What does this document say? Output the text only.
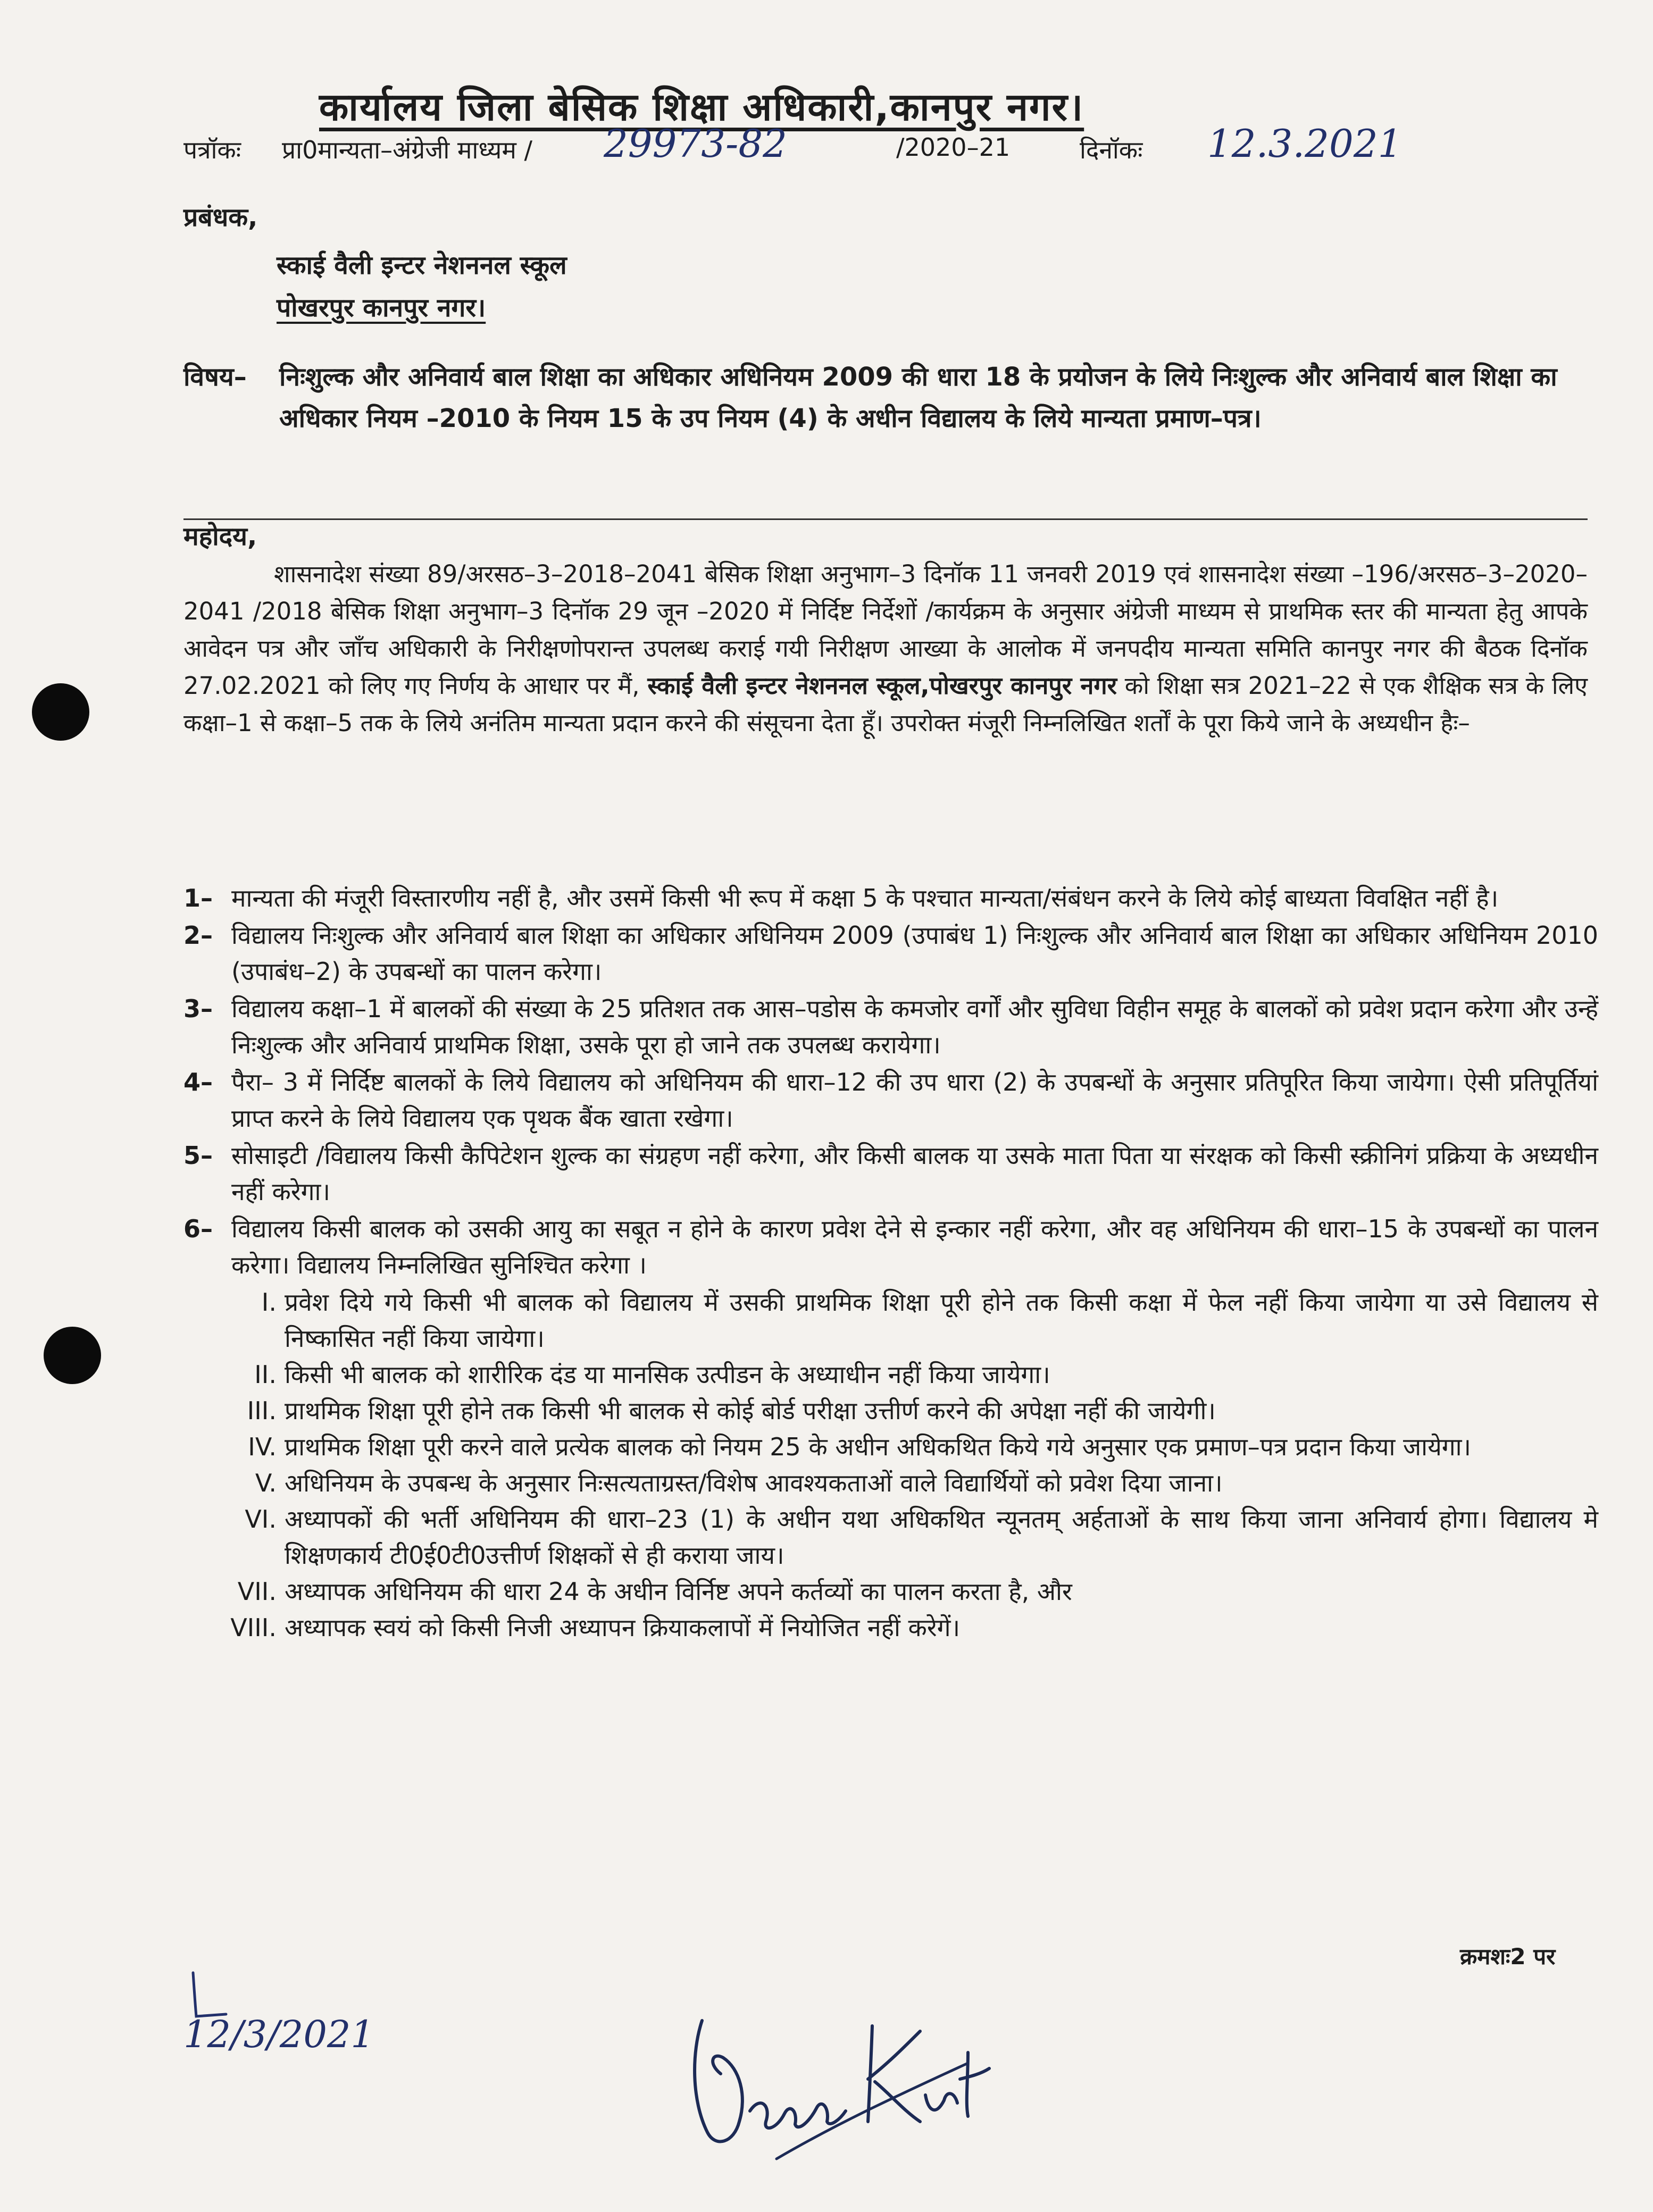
कार्यालय जिला बेसिक शिक्षा अधिकारी,कानपुर नगर।
पत्रॉकः प्रा0मान्यता–अंग्रेजी माध्यम / 29973-82	/2020–21	दिनॉकः 12.3.2021
प्रबंधक,
स्काई वैली इन्टर नेशननल स्कूल
पोखरपुर कानपुर नगर।
विषय– निःशुल्क और अनिवार्य बाल शिक्षा का अधिकार अधिनियम 2009 की धारा 18 के प्रयोजन के लिये निःशुल्क और अनिवार्य बाल शिक्षा का अधिकार नियम –2010 के नियम 15 के उप नियम (4) के अधीन विद्यालय के लिये मान्यता प्रमाण–पत्र।
महोदय,
शासनादेश संख्या 89/अरसठ–3–2018–2041 बेसिक शिक्षा अनुभाग–3 दिनॉक 11 जनवरी 2019 एवं शासनादेश संख्या –196/अरसठ–3–2020–2041 /2018 बेसिक शिक्षा अनुभाग–3 दिनॉक 29 जून –2020 में निर्दिष्ट निर्देशों /कार्यक्रम के अनुसार अंग्रेजी माध्यम से प्राथमिक स्तर की मान्यता हेतु आपके आवेदन पत्र और जाँच अधिकारी के निरीक्षणोपरान्त उपलब्ध कराई गयी निरीक्षण आख्या के आलोक में जनपदीय मान्यता समिति कानपुर नगर की बैठक दिनॉक 27.02.2021 को लिए गए निर्णय के आधार पर मैं, स्काई वैली इन्टर नेशननल स्कूल,पोखरपुर कानपुर नगर को शिक्षा सत्र 2021–22 से एक शैक्षिक सत्र के लिए कक्षा–1 से कक्षा–5 तक के लिये अनंतिम मान्यता प्रदान करने की संसूचना देता हूँ। उपरोक्त मंजूरी निम्नलिखित शर्तों के पूरा किये जाने के अध्यधीन हैः–
1– मान्यता की मंजूरी विस्तारणीय नहीं है, और उसमें किसी भी रूप में कक्षा 5 के पश्चात मान्यता/संबंधन करने के लिये कोई बाध्यता विवक्षित नहीं है।
2– विद्यालय निःशुल्क और अनिवार्य बाल शिक्षा का अधिकार अधिनियम 2009 (उपाबंध 1) निःशुल्क और अनिवार्य बाल शिक्षा का अधिकार अधिनियम 2010 (उपाबंध–2) के उपबन्धों का पालन करेगा।
3– विद्यालय कक्षा–1 में बालकों की संख्या के 25 प्रतिशत तक आस–पडोस के कमजोर वर्गों और सुविधा विहीन समूह के बालकों को प्रवेश प्रदान करेगा और उन्हें निःशुल्क और अनिवार्य प्राथमिक शिक्षा, उसके पूरा हो जाने तक उपलब्ध करायेगा।
4– पैरा– 3 में निर्दिष्ट बालकों के लिये विद्यालय को अधिनियम की धारा–12 की उप धारा (2) के उपबन्धों के अनुसार प्रतिपूरित किया जायेगा। ऐसी प्रतिपूर्तियां प्राप्त करने के लिये विद्यालय एक पृथक बैंक खाता रखेगा।
5– सोसाइटी /विद्यालय किसी कैपिटेशन शुल्क का संग्रहण नहीं करेगा, और किसी बालक या उसके माता पिता या संरक्षक को किसी स्क्रीनिगं प्रक्रिया के अध्यधीन नहीं करेगा।
6– विद्यालय किसी बालक को उसकी आयु का सबूत न होने के कारण प्रवेश देने से इन्कार नहीं करेगा, और वह अधिनियम की धारा–15 के उपबन्धों का पालन करेगा। विद्यालय निम्नलिखित सुनिश्चित करेगा ।
I. प्रवेश दिये गये किसी भी बालक को विद्यालय में उसकी प्राथमिक शिक्षा पूरी होने तक किसी कक्षा में फेल नहीं किया जायेगा या उसे विद्यालय से निष्कासित नहीं किया जायेगा।
II. किसी भी बालक को शारीरिक दंड या मानसिक उत्पीडन के अध्याधीन नहीं किया जायेगा।
III. प्राथमिक शिक्षा पूरी होने तक किसी भी बालक से कोई बोर्ड परीक्षा उत्तीर्ण करने की अपेक्षा नहीं की जायेगी।
IV. प्राथमिक शिक्षा पूरी करने वाले प्रत्येक बालक को नियम 25 के अधीन अधिकथित किये गये अनुसार एक प्रमाण–पत्र प्रदान किया जायेगा।
V. अधिनियम के उपबन्ध के अनुसार निःसत्यताग्रस्त/विशेष आवश्यकताओं वाले विद्यार्थियों को प्रवेश दिया जाना।
VI. अध्यापकों की भर्ती अधिनियम की धारा–23 (1) के अधीन यथा अधिकथित न्यूनतम् अर्हताओं के साथ किया जाना अनिवार्य होगा। विद्यालय मे शिक्षणकार्य टी0ई0टी0उत्तीर्ण शिक्षकों से ही कराया जाय।
VII. अध्यापक अधिनियम की धारा 24 के अधीन विर्निष्ट अपने कर्तव्यों का पालन करता है, और
VIII. अध्यापक स्वयं को किसी निजी अध्यापन क्रियाकलापों में नियोजित नहीं करेगें।
क्रमशः2 पर
12/3/2021
